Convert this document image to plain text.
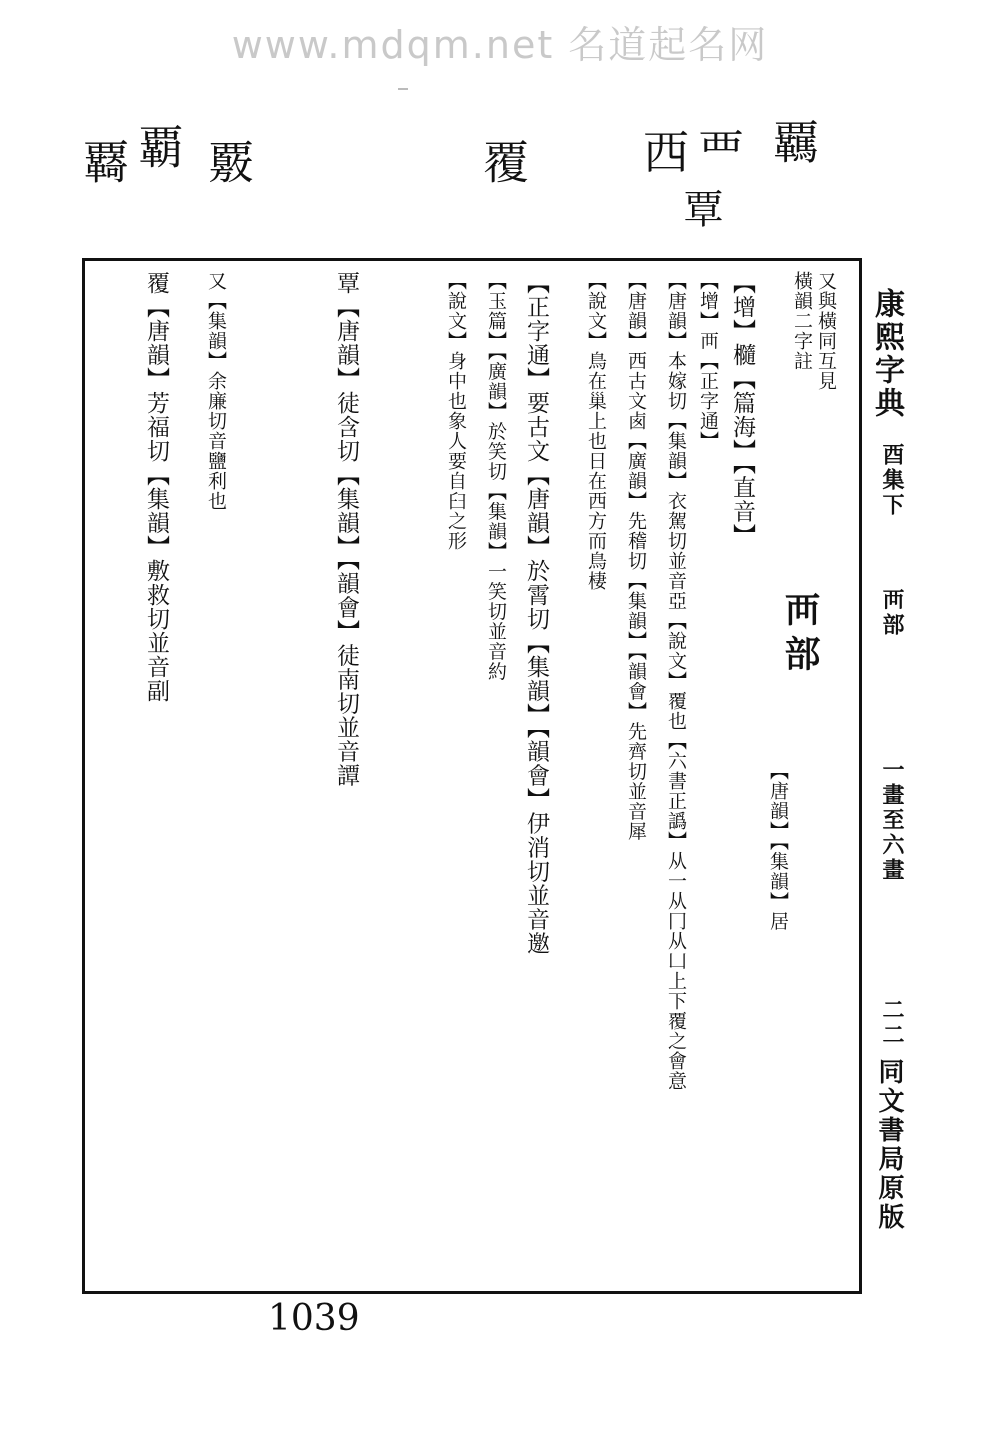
www.mdqm.net 名道起名网
覊
覀
西
覃
覆
覈
覇
覉
襾部
又與橫同互見
橫韻二字註
【唐韻】【集韻】居
【增】㰐【篇海】【直音】
【增】襾【正字通】
【唐韻】本嫁切【集韻】衣駕切並音亞【說文】覆也【六書正譌】从一从冂从凵上下覆之會意
【唐韻】西古文卥【廣韻】先稽切【集韻】【韻會】先齊切並音犀
【說文】鳥在巢上也日在西方而鳥棲
【正字通】要古文【唐韻】於霄切【集韻】【韻會】伊消切並音邀
【玉篇】【廣韻】於笑切【集韻】一笑切並音約
【說文】身中也象人要自臼之形
覃【唐韻】徒含切【集韻】【韻會】徒南切並音譚
又【集韻】余廉切音鹽利也
覆【唐韻】芳福切【集韻】敷救切並音副	康熙字典
酉集下
襾部
一畫至六畫
二二
同文書局原版
1039
